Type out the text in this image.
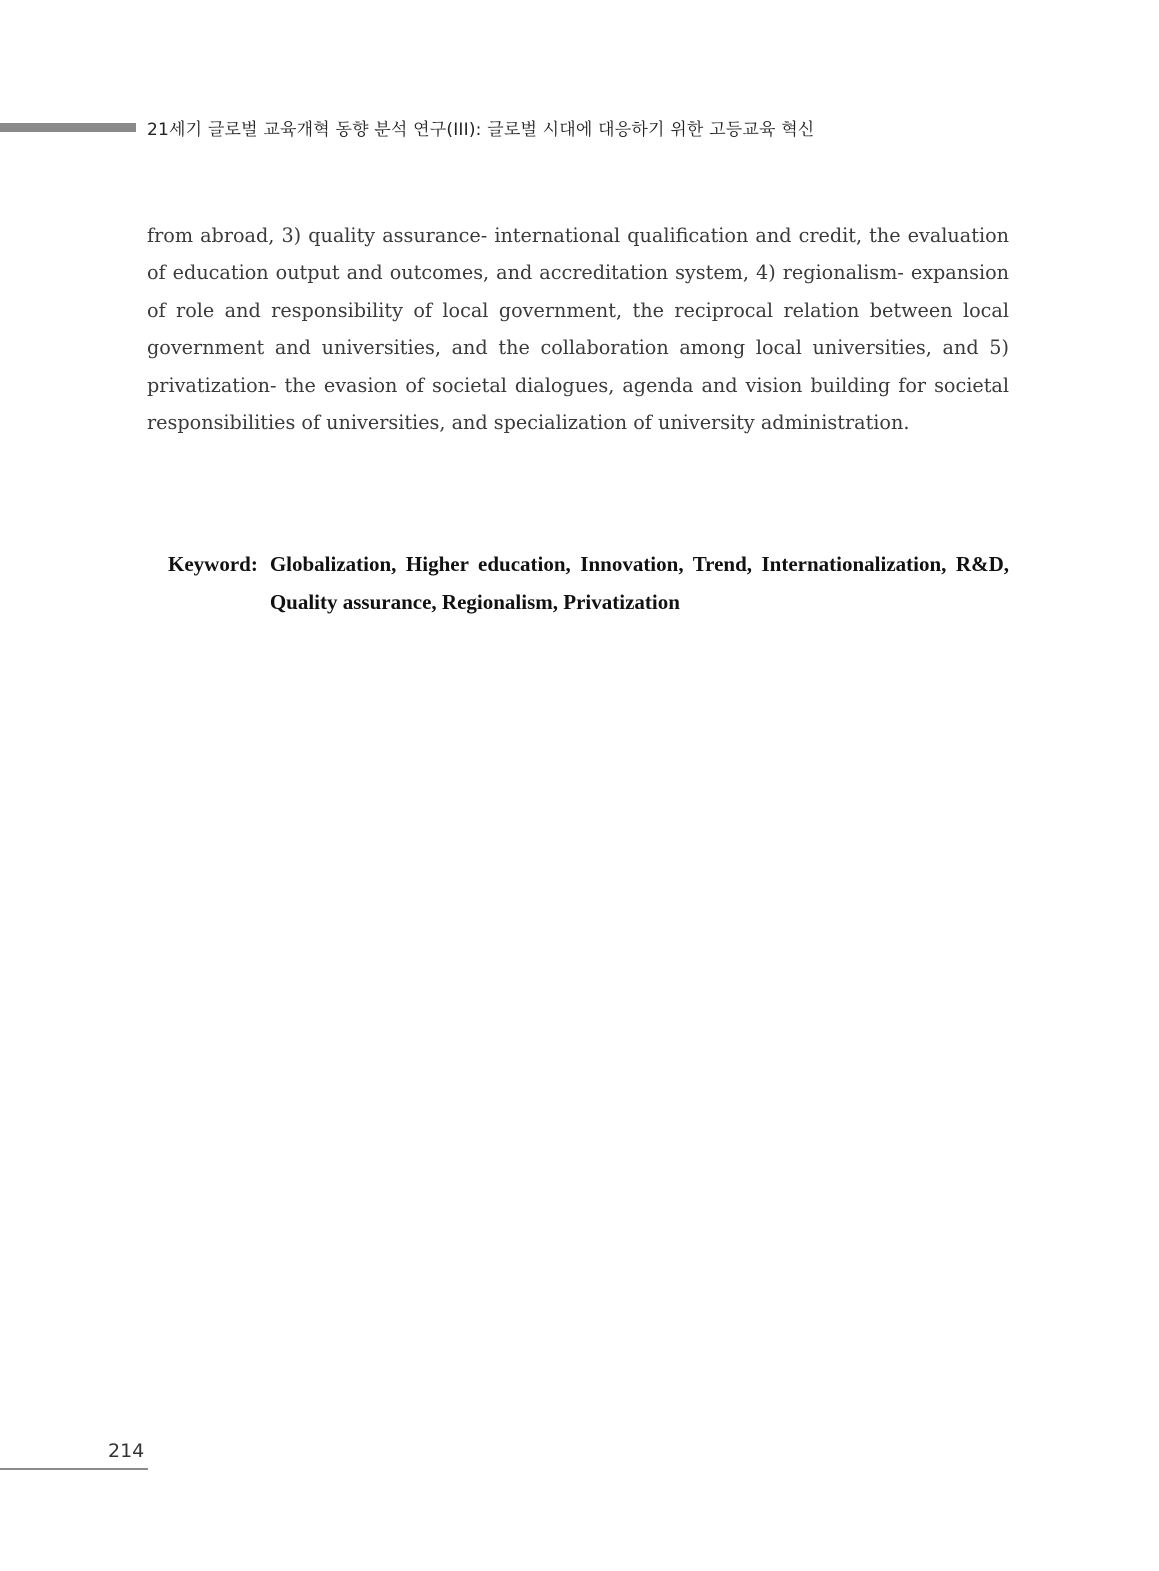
21세기 글로벌 교육개혁 동향 분석 연구(III): 글로벌 시대에 대응하기 위한 고등교육 혁신

from abroad, 3) quality assurance- international qualification and credit, the evaluation of education output and outcomes, and accreditation system, 4) regionalism- expansion of role and responsibility of local government, the reciprocal relation between local government and universities, and the collaboration among local universities, and 5) privatization- the evasion of societal dialogues, agenda and vision building for societal responsibilities of universities, and specialization of university administration.

Keyword: Globalization, Higher education, Innovation, Trend, Internationalization, R&D, Quality assurance, Regionalism, Privatization
214
